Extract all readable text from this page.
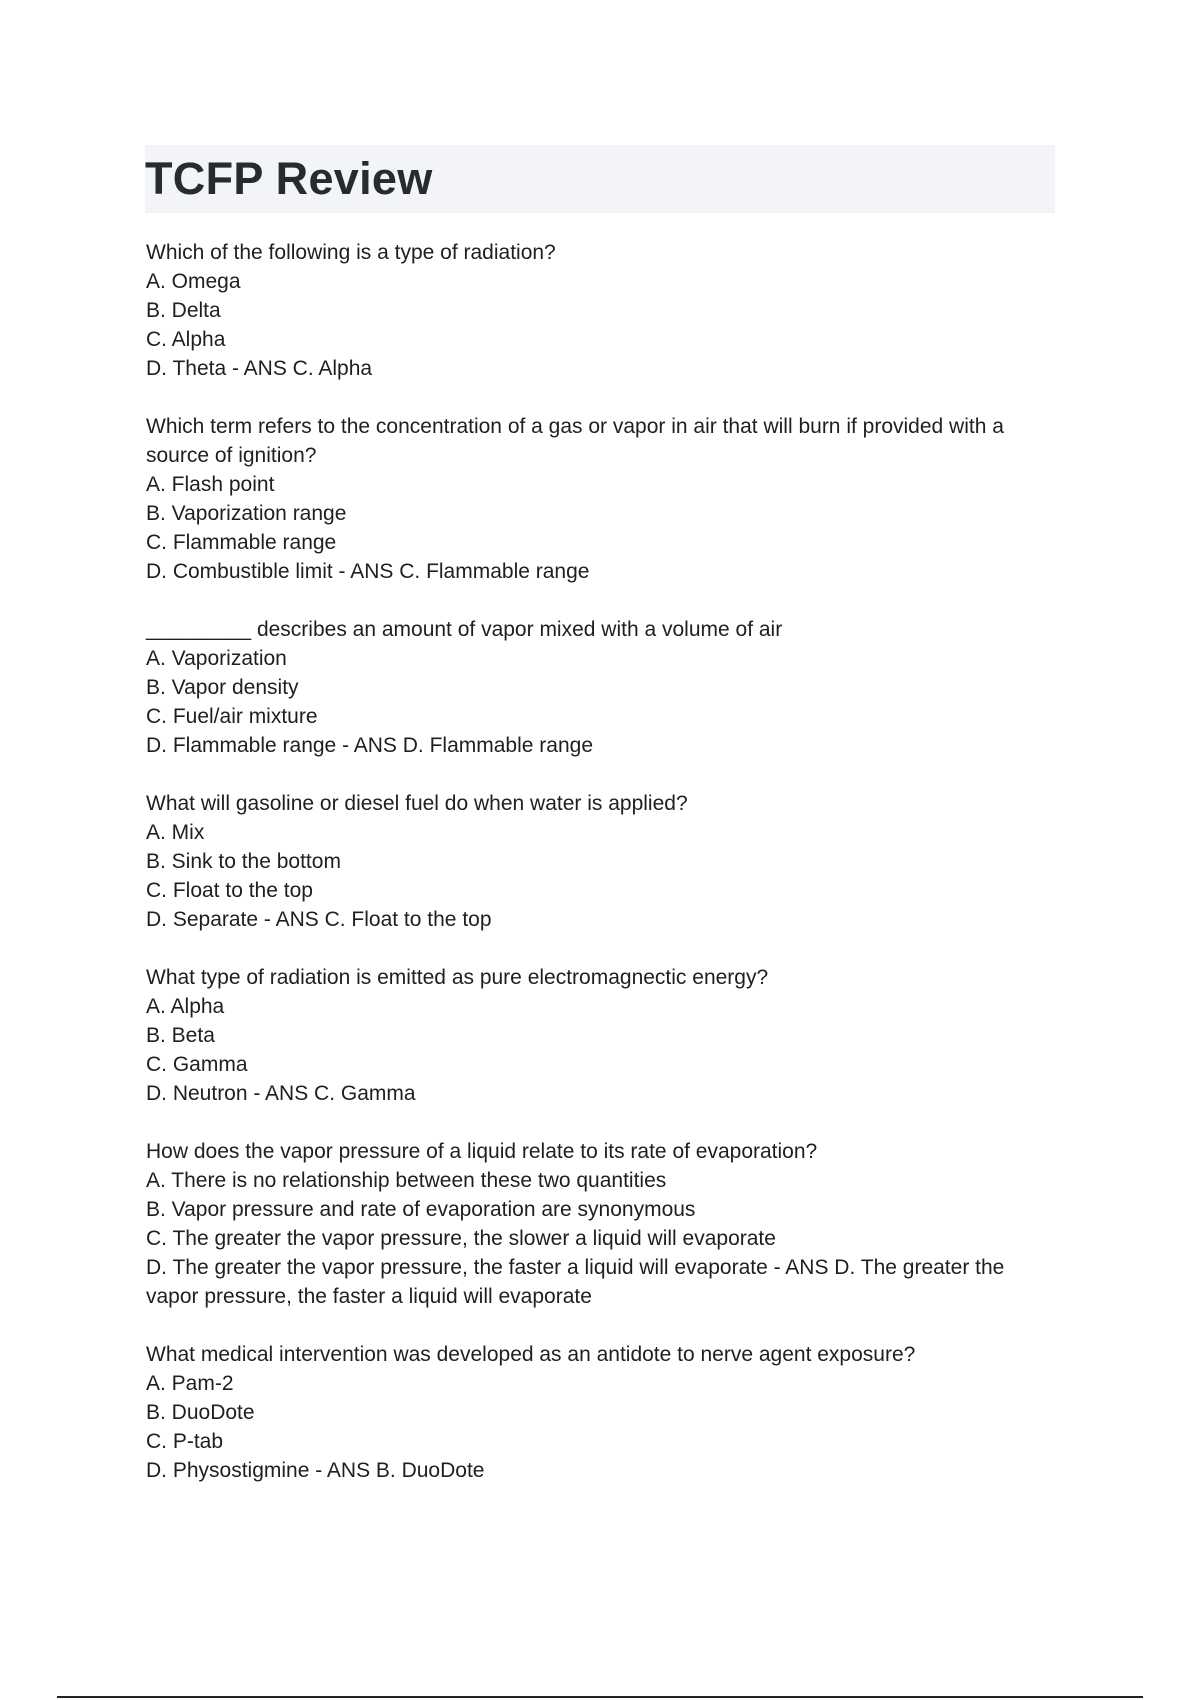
TCFP Review

Which of the following is a type of radiation?

A. Omega

B. Delta

C. Alpha

D. Theta - ANS C. Alpha

Which term refers to the concentration of a gas or vapor in air that will burn if provided with a source of ignition?

A. Flash point

B. Vaporization range

C. Flammable range

D. Combustible limit - ANS C. Flammable range

_________ describes an amount of vapor mixed with a volume of air

A. Vaporization

B. Vapor density

C. Fuel/air mixture

D. Flammable range - ANS D. Flammable range

What will gasoline or diesel fuel do when water is applied?

A. Mix

B. Sink to the bottom

C. Float to the top

D. Separate - ANS C. Float to the top

What type of radiation is emitted as pure electromagnectic energy?

A. Alpha

B. Beta

C. Gamma

D. Neutron - ANS C. Gamma

How does the vapor pressure of a liquid relate to its rate of evaporation?

A. There is no relationship between these two quantities

B. Vapor pressure and rate of evaporation are synonymous

C. The greater the vapor pressure, the slower a liquid will evaporate

D. The greater the vapor pressure, the faster a liquid will evaporate - ANS D. The greater the vapor pressure, the faster a liquid will evaporate

What medical intervention was developed as an antidote to nerve agent exposure?

A. Pam-2

B. DuoDote

C. P-tab

D. Physostigmine - ANS B. DuoDote
